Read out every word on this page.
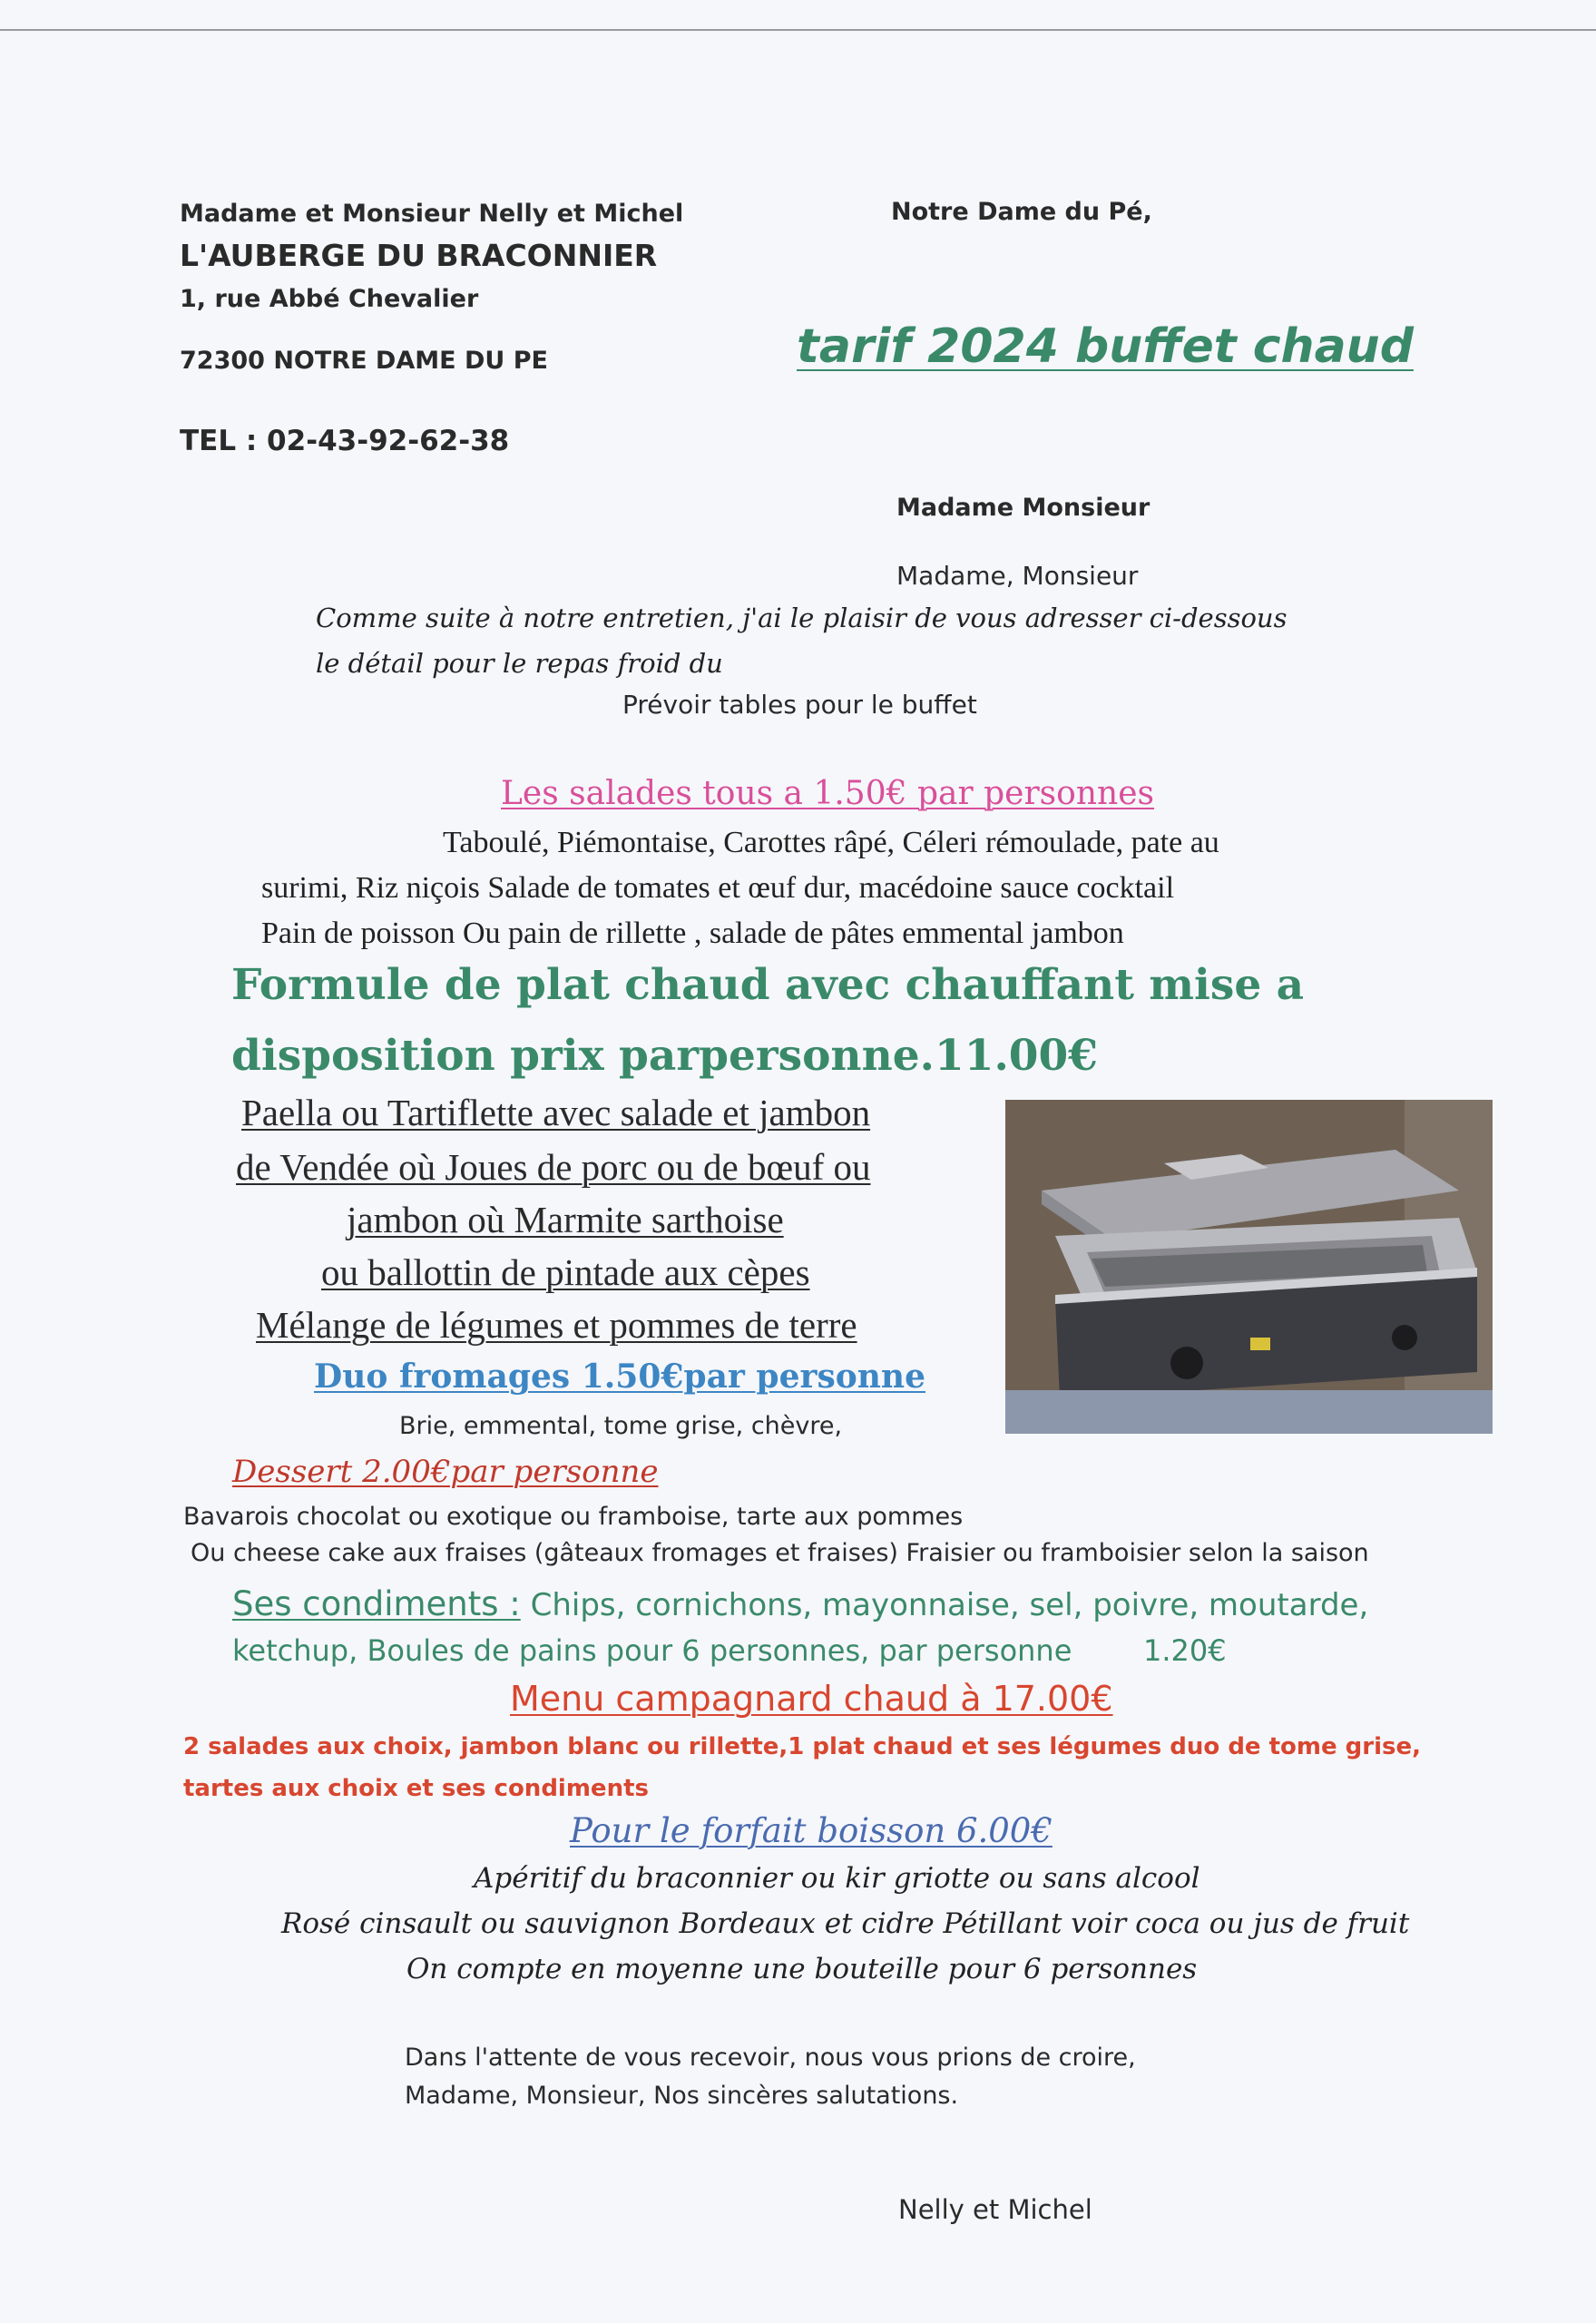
Madame et Monsieur Nelly et Michel
L'AUBERGE DU BRACONNIER
1, rue Abbé Chevalier
72300 NOTRE DAME DU PE
TEL : 02-43-92-62-38
Notre Dame du Pé,
tarif 2024 buffet chaud
Madame Monsieur
Madame, Monsieur
Comme suite à notre entretien, j'ai le plaisir de vous adresser ci-dessous
le détail pour le repas froid du
Prévoir tables pour le buffet
Les salades tous a 1.50€ par personnes
Taboulé, Piémontaise, Carottes râpé, Céleri rémoulade, pate au
surimi, Riz niçois Salade de tomates et œuf dur, macédoine sauce cocktail
Pain de poisson Ou pain de rillette , salade de pâtes emmental jambon
Formule de plat chaud avec chauffant mise a
disposition prix parpersonne.11.00€
Paella ou Tartiflette avec salade et jambon
de Vendée où Joues de porc ou de bœuf ou
jambon où Marmite sarthoise
ou ballottin de pintade aux cèpes
Mélange de légumes et pommes de terre
Duo fromages 1.50€par personne
Brie, emmental, tome grise, chèvre,
Dessert 2.00€par personne
Bavarois chocolat ou exotique ou framboise, tarte aux pommes
Ou cheese cake aux fraises (gâteaux fromages et fraises) Fraisier ou framboisier selon la saison
Ses condiments : Chips, cornichons, mayonnaise, sel, poivre, moutarde,
ketchup, Boules de pains pour 6 personnes, par personne 1.20€
Menu campagnard chaud à 17.00€
2 salades aux choix, jambon blanc ou rillette,1 plat chaud et ses légumes duo de tome grise,
tartes aux choix et ses condiments
Pour le forfait boisson 6.00€
Apéritif du braconnier ou kir griotte ou sans alcool
Rosé cinsault ou sauvignon Bordeaux et cidre Pétillant voir coca ou jus de fruit
On compte en moyenne une bouteille pour 6 personnes
Dans l'attente de vous recevoir, nous vous prions de croire,
Madame, Monsieur, Nos sincères salutations.
Nelly et Michel
